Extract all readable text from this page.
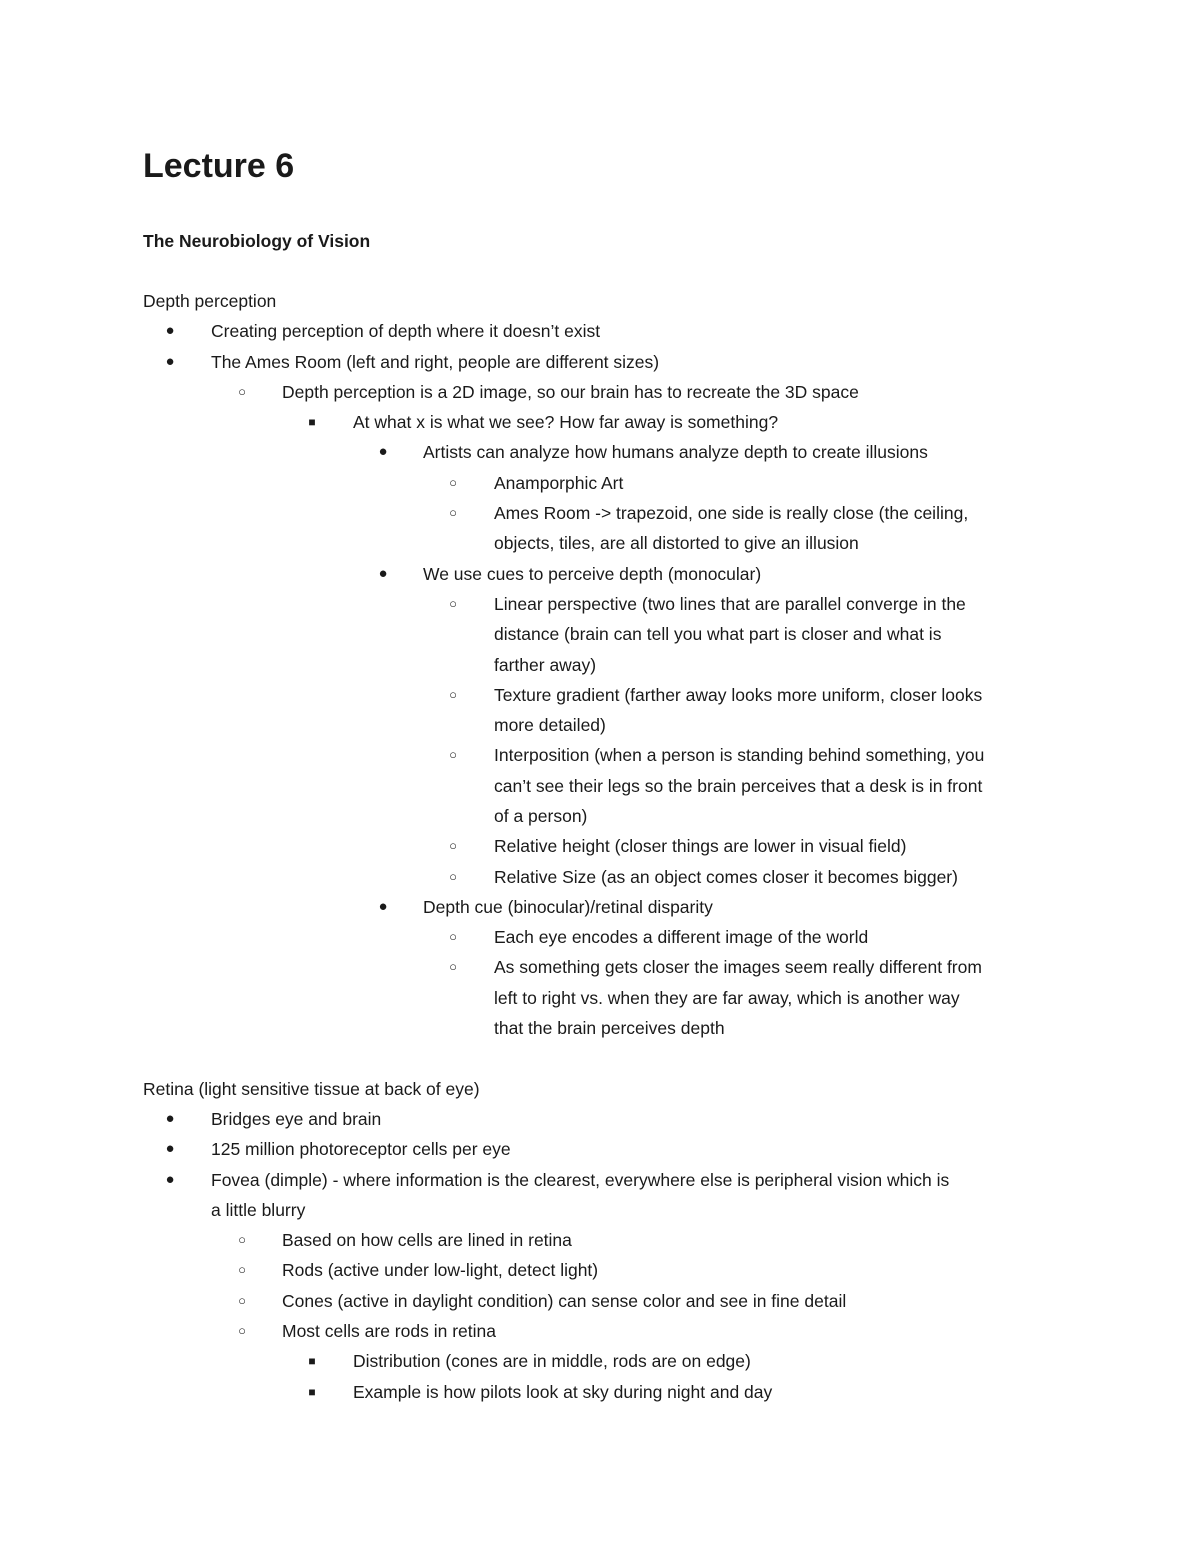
Lecture 6
The Neurobiology of Vision
Depth perception
●	Creating perception of depth where it doesn’t exist
●	The Ames Room (left and right, people are different sizes)
○	Depth perception is a 2D image, so our brain has to recreate the 3D space
■	At what x is what we see? How far away is something?
●	Artists can analyze how humans analyze depth to create illusions
○	Anamporphic Art
○	Ames Room -> trapezoid, one side is really close (the ceiling,
objects, tiles, are all distorted to give an illusion
●	We use cues to perceive depth (monocular)
○	Linear perspective (two lines that are parallel converge in the
distance (brain can tell you what part is closer and what is
farther away)
○	Texture gradient (farther away looks more uniform, closer looks
more detailed)
○	Interposition (when a person is standing behind something, you
can’t see their legs so the brain perceives that a desk is in front
of a person)
○	Relative height (closer things are lower in visual field)
○	Relative Size (as an object comes closer it becomes bigger)
●	Depth cue (binocular)/retinal disparity
○	Each eye encodes a different image of the world
○	As something gets closer the images seem really different from
left to right vs. when they are far away, which is another way
that the brain perceives depth
Retina (light sensitive tissue at back of eye)
●	Bridges eye and brain
●	125 million photoreceptor cells per eye
●	Fovea (dimple) - where information is the clearest, everywhere else is peripheral vision which is
a little blurry
○	Based on how cells are lined in retina
○	Rods (active under low-light, detect light)
○	Cones (active in daylight condition) can sense color and see in fine detail
○	Most cells are rods in retina
■	Distribution (cones are in middle, rods are on edge)
■	Example is how pilots look at sky during night and day
